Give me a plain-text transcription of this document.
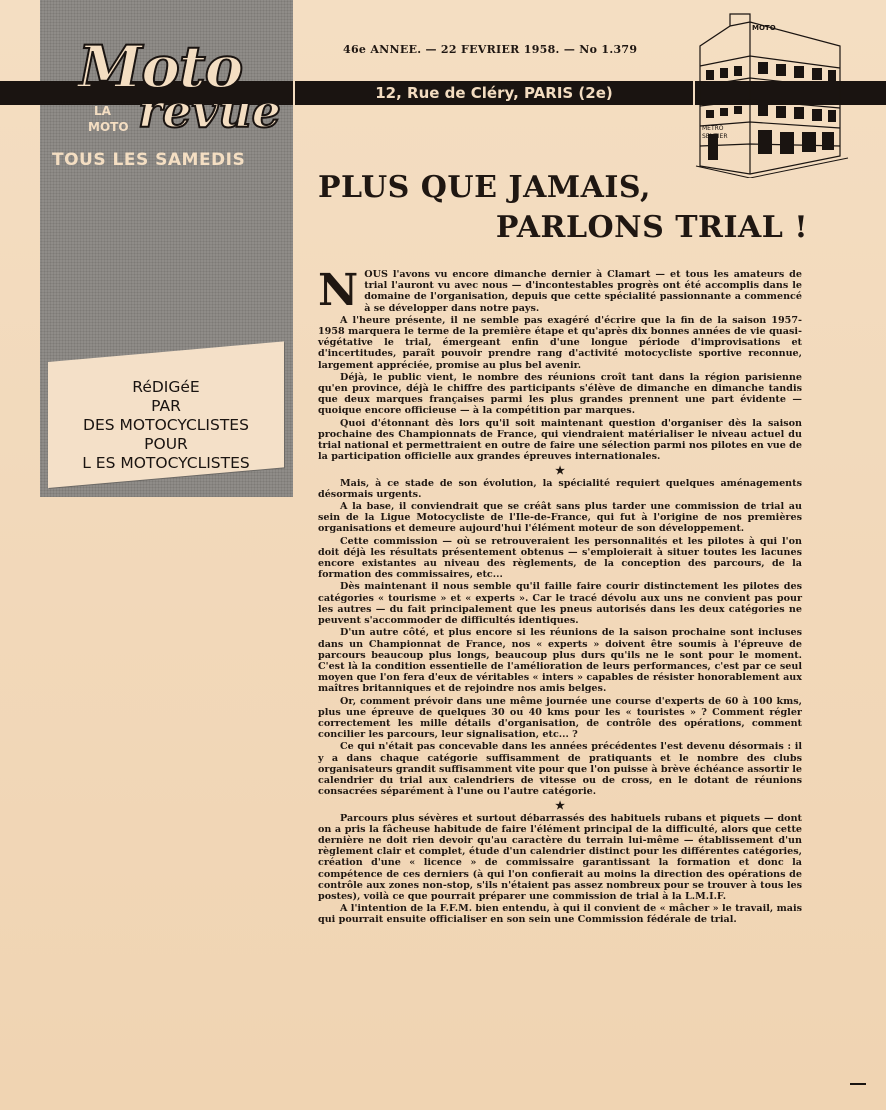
12, Rue de Cléry, PARIS (2e)
Moto
LA
MOTO revue
TOUS LES SAMEDIS
46e ANNEE. — 22 FEVRIER 1958. — No 1.379
MOTO
METRO
SENTIER
RéDIGéE
PAR
DES MOTOCYCLISTES
POUR
L ES MOTOCYCLISTES
PLUS QUE JAMAIS,
PARLONS TRIAL !

NOUS l'avons vu encore dimanche dernier à Clamart — et tous les amateurs de trial l'auront vu avec nous — d'incontestables progrès ont été accomplis dans le domaine de l'organisation, depuis que cette spécialité passionnante a commencé à se développer dans notre pays.

A l'heure présente, il ne semble pas exagéré d'écrire que la fin de la saison 1957-1958 marquera le terme de la première étape et qu'après dix bonnes années de vie quasi-végétative le trial, émergeant enfin d'une longue période d'improvisations et d'incertitudes, paraît pouvoir prendre rang d'activité motocycliste sportive reconnue, largement appréciée, promise au plus bel avenir.

Déjà, le public vient, le nombre des réunions croît tant dans la région parisienne qu'en province, déjà le chiffre des participants s'élève de dimanche en dimanche tandis que deux marques françaises parmi les plus grandes prennent une part évidente — quoique encore officieuse — à la compétition par marques.

Quoi d'étonnant dès lors qu'il soit maintenant question d'organiser dès la saison prochaine des Championnats de France, qui viendraient matérialiser le niveau actuel du trial national et permettraient en outre de faire une sélection parmi nos pilotes en vue de la participation officielle aux grandes épreuves internationales.

★

Mais, à ce stade de son évolution, la spécialité requiert quelques aménagements désormais urgents.

A la base, il conviendrait que se créât sans plus tarder une commission de trial au sein de la Ligue Motocycliste de l'Ile-de-France, qui fut à l'origine de nos premières organisations et demeure aujourd'hui l'élément moteur de son développement.

Cette commission — où se retrouveraient les personnalités et les pilotes à qui l'on doit déjà les résultats présentement obtenus — s'emploierait à situer toutes les lacunes encore existantes au niveau des règlements, de la conception des parcours, de la formation des commissaires, etc...

Dès maintenant il nous semble qu'il faille faire courir distinctement les pilotes des catégories « tourisme » et « experts ». Car le tracé dévolu aux uns ne convient pas pour les autres — du fait principalement que les pneus autorisés dans les deux catégories ne peuvent s'accommoder de difficultés identiques.

D'un autre côté, et plus encore si les réunions de la saison prochaine sont incluses dans un Championnat de France, nos « experts » doivent être soumis à l'épreuve de parcours beaucoup plus longs, beaucoup plus durs qu'ils ne le sont pour le moment. C'est là la condition essentielle de l'amélioration de leurs performances, c'est par ce seul moyen que l'on fera d'eux de véritables « inters » capables de résister honorablement aux maîtres britanniques et de rejoindre nos amis belges.

Or, comment prévoir dans une même journée une course d'experts de 60 à 100 kms, plus une épreuve de quelques 30 ou 40 kms pour les « touristes » ? Comment régler correctement les mille détails d'organisation, de contrôle des opérations, comment concilier les parcours, leur signalisation, etc... ?

Ce qui n'était pas concevable dans les années précédentes l'est devenu désormais : il y a dans chaque catégorie suffisamment de pratiquants et le nombre des clubs organisateurs grandit suffisamment vite pour que l'on puisse à brève échéance assortir le calendrier du trial aux calendriers de vitesse ou de cross, en le dotant de réunions consacrées séparément à l'une ou l'autre catégorie.

★

Parcours plus sévères et surtout débarrassés des habituels rubans et piquets — dont on a pris la fâcheuse habitude de faire l'élément principal de la difficulté, alors que cette dernière ne doit rien devoir qu'au caractère du terrain lui-même — établissement d'un règlement clair et complet, étude d'un calendrier distinct pour les différentes catégories, création d'une « licence » de commissaire garantissant la formation et donc la compétence de ces derniers (à qui l'on confierait au moins la direction des opérations de contrôle aux zones non-stop, s'ils n'étaient pas assez nombreux pour se trouver à tous les postes), voilà ce que pourrait préparer une commission de trial à la L.M.I.F.

A l'intention de la F.F.M. bien entendu, à qui il convient de « mâcher » le travail, mais qui pourrait ensuite officialiser en son sein une Commission fédérale de trial.
